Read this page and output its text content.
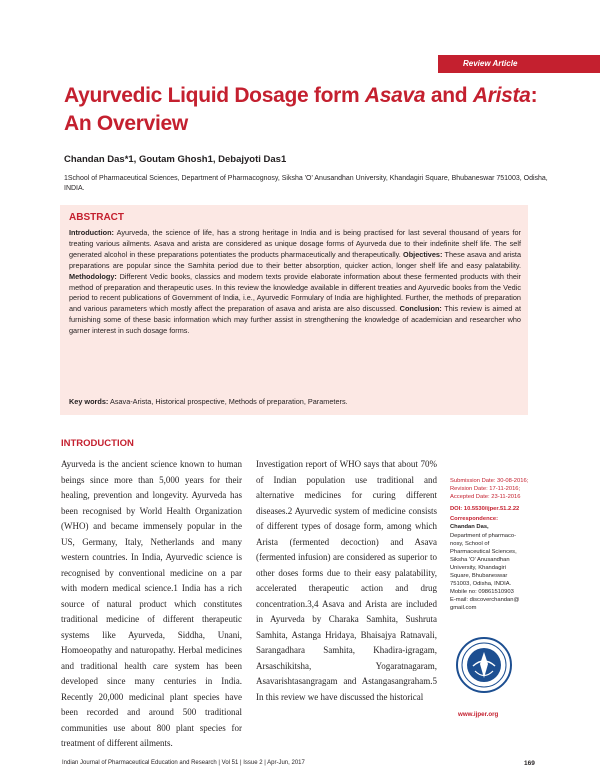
Review Article
Ayurvedic Liquid Dosage form Asava and Arista:
An Overview
Chandan Das*1, Goutam Ghosh1, Debajyoti Das1
1School of Pharmaceutical Sciences, Department of Pharmacognosy, Siksha 'O' Anusandhan University, Khandagiri Square, Bhubaneswar 751003, Odisha, INDIA.
ABSTRACT
Introduction: Ayurveda, the science of life, has a strong heritage in India and is being practised for last several thousand of years for treating various ailments. Asava and arista are considered as unique dosage forms of Ayurveda due to their indefinite shelf life. The self generated alcohol in these preparations potentiates the products pharmaceutically and therapeutically. Objectives: These asava and arista preparations are popular since the Samhita period due to their better absorption, quicker action, longer shelf life and easy palatability. Methodology: Different Vedic books, classics and modern texts provide elaborate information about these fermented products with their method of preparation and therapeutic uses. In this review the knowledge available in different treaties and Ayurvedic books from the Vedic period to recent publications of Government of India, i.e., Ayurvedic Formulary of India are highlighted. Further, the methods of preparation and various parameters which mostly affect the preparation of asava and arista are also discussed. Conclusion: This review is aimed at furnishing some of these basic information which may further assist in strengthening the knowledge of academician and researcher who garner interest in such dosage forms.
Key words: Asava-Arista, Historical prospective, Methods of preparation, Parameters.
INTRODUCTION
Ayurveda is the ancient science known to human beings since more than 5,000 years for their healing, prevention and longevity. Ayurveda has been recognised by World Health Organization (WHO) and became immensely popular in the US, Germany, Italy, Netherlands and many western countries. In India, Ayurvedic science is recognised by conventional medicine on a par with modern medical science.1 India has a rich source of natural product which constitutes traditional medicine of different therapeutic systems like Ayurveda, Siddha, Unani, Homoeopathy and naturopathy. Herbal medicines and traditional health care system has been developed since many centuries in India. Recently 20,000 medicinal plant species have been recorded and around 500 traditional communities use about 800 plant species for treatment of different ailments.
Investigation report of WHO says that about 70% of Indian population use traditional and alternative medicines for curing different diseases.2 Ayurvedic system of medicine consists of different types of dosage form, among which Arista (fermented decoction) and Asava (fermented infusion) are considered as superior to other doses forms due to their easy palatability, accelerated therapeutic action and drug concentration.3,4 Asava and Arista are included in Ayurveda by Charaka Samhita, Sushruta Samhita, Astanga Hridaya, Bhaisajya Ratnavali, Sarangadhara Samhita, Khadira-igragam, Arsaschikitsha, Yogaratnagaram, Asavarishtasangragam and Astangasangraham.5 In this review we have discussed the historical
Submission Date: 30-08-2016;
Revision Date: 17-11-2016;
Accepted Date: 23-11-2016
DOI: 10.5530/ijper.51.2.22
Correspondence:
Chandan Das,
Department of pharmaco-
nosy, School of
Pharmaceutical Sciences,
Siksha 'O' Anusandhan
University, Khandagiri
Square, Bhubaneswar
751003, Odisha, INDIA.
Mobile no: 09861510903
E-mail: discoverchandan@
gmail.com
www.ijper.org
Indian Journal of Pharmaceutical Education and Research | Vol 51 | Issue 2 | Apr-Jun, 2017	169
